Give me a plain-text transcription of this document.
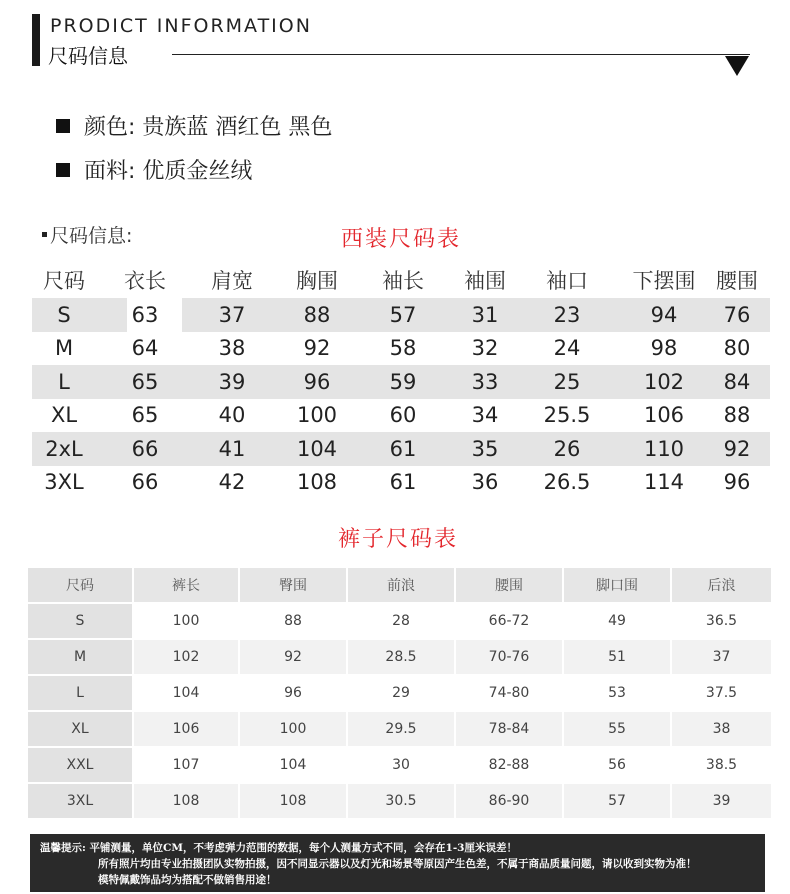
PRODICT INFORMATION
尺码信息
颜色: 贵族蓝 酒红色 黑色
面料: 优质金丝绒
尺码信息:	西装尺码表
尺码 衣长 肩宽 胸围 袖长 袖围 袖口 下摆围 腰围
S	63	37	88	57	31	23	94 76
M	64	38	92	58	32	24	98 80
L	65	39	96	59	33	25	102 84
XL	65	40 100	60	34 25.5	106 88
2xL 66	41 104	61	35	26	110 92
3XL 66	42 108	61	36 26.5	114 96
裤子尺码表
尺码	裤长	臀围	前浪	腰围	脚口围	后浪
S	100	88	28	66-72	49	36.5
M	102	92	28.5	70-76	51	37
L	104	96	29	74-80	53	37.5
XL	106	100	29.5	78-84	55	38
XXL	107	104	30	82-88	56	38.5
3XL	108	108	30.5	86-90	57	39
温馨提示: 平铺测量，单位CM，不考虑弹力范围的数据，每个人测量方式不同，会存在1-3厘米误差！
所有照片均由专业拍摄团队实物拍摄，因不同显示器以及灯光和场景等原因产生色差，不属于商品质量问题，请以收到实物为准！
模特佩戴饰品均为搭配不做销售用途！
